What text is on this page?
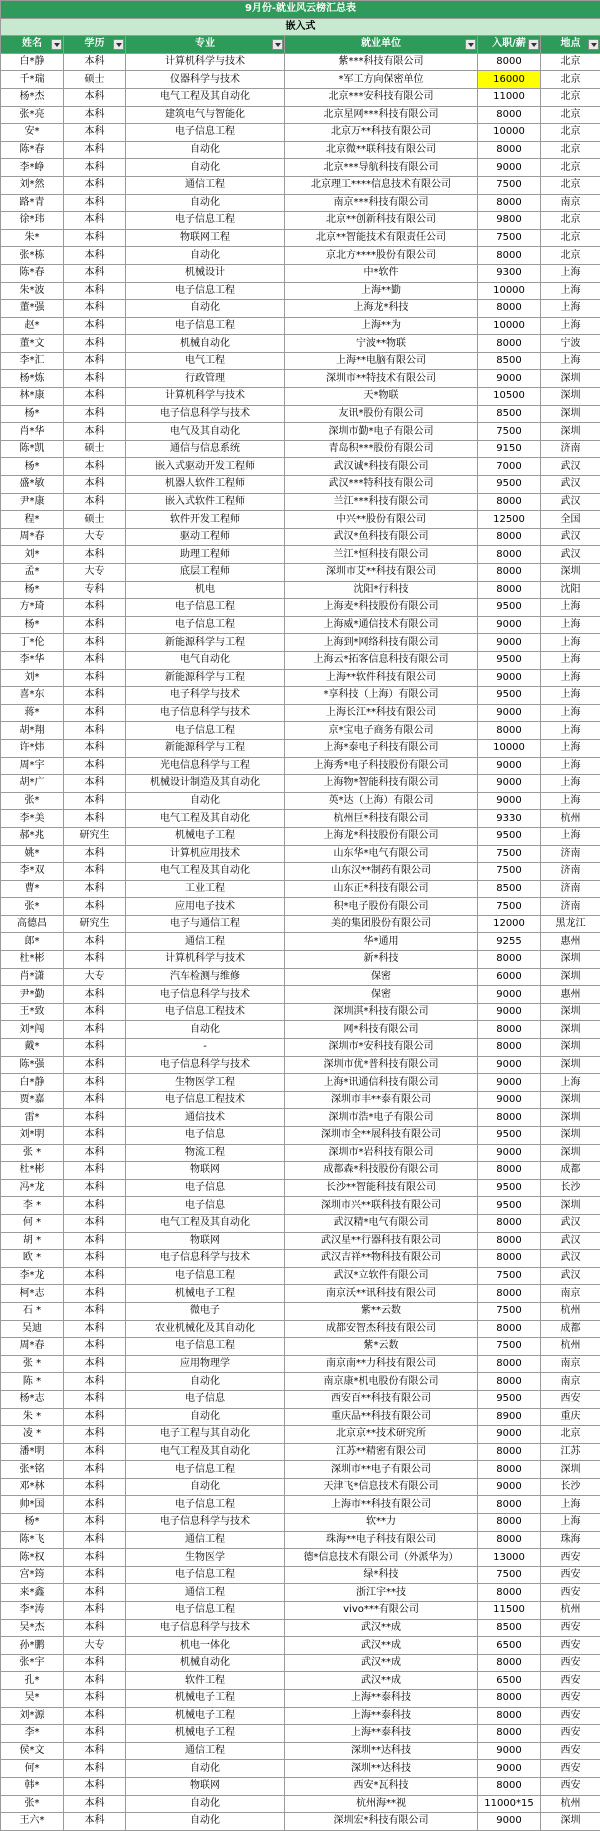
9月份-就业风云榜汇总表					
嵌入式					
姓名	学历	专业	就业单位	入职/薪	地点

白*静	本科	计算机科学与技术	紫***科技有限公司	8000	北京
千*瑞	硕士	仪器科学与技术	*军工方向保密单位	16000	北京
杨*杰	本科	电气工程及其自动化	北京***安科技有限公司	11000	北京
张*亮	本科	建筑电气与智能化	北京星网***科技有限公司	8000	北京
安*	本科	电子信息工程	北京万**科技有限公司	10000	北京
陈*春	本科	自动化	北京微**联科技有限公司	8000	北京
李*峥	本科	自动化	北京***导航科技有限公司	9000	北京
刘*然	本科	通信工程	北京理工****信息技术有限公司	7500	北京
路*青	本科	自动化	南京***科技有限公司	8000	南京
徐*玮	本科	电子信息工程	北京**创新科技有限公司	9800	北京
朱*	本科	物联网工程	北京**智能技术有限责任公司	7500	北京
张*栋	本科	自动化	京北方****股份有限公司	8000	北京
陈*春	本科	机械设计	中*软件	9300	上海
朱*波	本科	电子信息工程	上海**勤	10000	上海
董*强	本科	自动化	上海龙*科技	8000	上海
赵*	本科	电子信息工程	上海**为	10000	上海
董*文	本科	机械自动化	宁波**物联	8000	宁波
李*汇	本科	电气工程	上海**电脑有限公司	8500	上海
杨*炼	本科	行政管理	深圳市**特技术有限公司	9000	深圳
林*康	本科	计算机科学与技术	天*物联	10500	深圳
杨*	本科	电子信息科学与技术	友讯*股份有限公司	8500	深圳
肖*华	本科	电气及其自动化	深圳市勤*电子有限公司	7500	深圳
陈*凯	硕士	通信与信息系统	青岛积***股份有限公司	9150	济南
杨*	本科	嵌入式驱动开发工程师	武汉诚*科技有限公司	7000	武汉
盛*敏	本科	机器人软件工程师	武汉***特科技有限公司	9500	武汉
尹*康	本科	嵌入式软件工程师	兰江***科技有限公司	8000	武汉
程*	硕士	软件开发工程师	中兴**股份有限公司	12500	全国
周*春	大专	驱动工程师	武汉*鱼科技有限公司	8000	武汉
刘*	本科	助理工程师	兰江*恒科技有限公司	8000	武汉
孟*	大专	底层工程师	深圳市艾**科技有限公司	8000	深圳
杨*	专科	机电	沈阳*行科技	8000	沈阳
方*琦	本科	电子信息工程	上海麦*科技股份有限公司	9500	上海
杨*	本科	电子信息工程	上海威*通信技术有限公司	9000	上海
丁*伦	本科	新能源科学与工程	上海到*网络科技有限公司	9000	上海
李*华	本科	电气自动化	上海云*拓客信息科技有限公司	9500	上海
刘*	本科	新能源科学与工程	上海**软件科技有限公司	9000	上海
喜*东	本科	电子科学与技术	*享科技（上海）有限公司	9500	上海
蒋*	本科	电子信息科学与技术	上海长江**科技有限公司	9000	上海
胡*翔	本科	电子信息工程	京*宝电子商务有限公司	8000	上海
许*炜	本科	新能源科学与工程	上海*泰电子科技有限公司	10000	上海
周*宇	本科	光电信息科学与工程	上海秀*电子科技股份有限公司	9000	上海
胡*广	本科	机械设计制造及其自动化	上海物*智能科技有限公司	9000	上海
张*	本科	自动化	英*达（上海）有限公司	9000	上海
李*美	本科	电气工程及其自动化	杭州巨*科技有限公司	9330	杭州
郝*兆	研究生	机械电子工程	上海龙*科技股份有限公司	9500	上海
姚*	本科	计算机应用技术	山东华*电气有限公司	7500	济南
李*双	本科	电气工程及其自动化	山东汉**制药有限公司	7500	济南
曹*	本科	工业工程	山东正*科技有限公司	8500	济南
张*	本科	应用电子技术	积*电子股份有限公司	7500	济南
高德昌	研究生	电子与通信工程	美的集团股份有限公司	12000	黑龙江
郎*	本科	通信工程	华*通用	9255	惠州
杜*彬	本科	计算机科学与技术	新*科技	8000	深圳
肖*潇	大专	汽车检测与维修	保密	6000	深圳
尹*勤	本科	电子信息科学与技术	保密	9000	惠州
王*致	本科	电子信息工程技术	深圳淇*科技有限公司	9000	深圳
刘*闯	本科	自动化	网*科技有限公司	8000	深圳
戴*	本科	-	深圳市*安科技有限公司	8000	深圳
陈*强	本科	电子信息科学与技术	深圳市优*普科技有限公司	9000	深圳
白*静	本科	生物医学工程	上海*讯通信科技有限公司	9000	上海
贾*嘉	本科	电子信息工程技术	深圳市丰**泰有限公司	9000	深圳
雷*	本科	通信技术	深圳市浩*电子有限公司	8000	深圳
刘*明	本科	电子信息	深圳市全**展科技有限公司	9500	深圳
张 *	本科	物流工程	深圳市*岩科技有限公司	9000	深圳
杜*彬	本科	物联网	成都森*科技股份有限公司	8000	成都
冯*龙	本科	电子信息	长沙**智能科技有限公司	9500	长沙
李 *	本科	电子信息	深圳市兴**联科技有限公司	9500	深圳
何 *	本科	电气工程及其自动化	武汉精*电气有限公司	8000	武汉
胡 *	本科	物联网	武汉星**行器科技有限公司	8000	武汉
欧 *	本科	电子信息科学与技术	武汉吉祥**物科技有限公司	8000	武汉
李*龙	本科	电子信息工程	武汉*立软件有限公司	7500	武汉
柯*志	本科	机械电子工程	南京沃**讯科技有限公司	8000	南京
石 *	本科	微电子	紫**云数	7500	杭州
吴迪	本科	农业机械化及其自动化	成都安智杰科技有限公司	8000	成都
周*春	本科	电子信息工程	紫*云数	7500	杭州
张 *	本科	应用物理学	南京南**力科技有限公司	8000	南京
陈 *	本科	自动化	南京康*机电股份有限公司	8000	南京
杨*志	本科	电子信息	西安百**科技有限公司	9500	西安
朱 *	本科	自动化	重庆品**科技有限公司	8900	重庆
凌 *	本科	电子工程与其自动化	北京京**技术研究所	9000	北京
潘*明	本科	电气工程及其自动化	江苏**精密有限公司	8000	江苏
张*铭	本科	电子信息工程	深圳市**电子有限公司	8000	深圳
邓*林	本科	自动化	天津飞*信息技术有限公司	9000	长沙
帅*国	本科	电子信息工程	上海市**科技有限公司	8000	上海
杨*	本科	电子信息科学与技术	软**力	8000	上海
陈*飞	本科	通信工程	珠海**电子科技有限公司	8000	珠海
陈*权	本科	生物医学	德*信息技术有限公司（外派华为）	13000	西安
宫*筠	本科	电子信息工程	绿*科技	7500	西安
来*鑫	本科	通信工程	浙江宇**技	8000	西安
李*涛	本科	电子信息工程	vivo***有限公司	11500	杭州
吴*杰	本科	电子信息科学与技术	武汉**成	8500	西安
孙*鹏	大专	机电一体化	武汉**成	6500	西安
张*宇	本科	机械自动化	武汉**成	8000	西安
孔*	本科	软件工程	武汉**成	6500	西安
吴*	本科	机械电子工程	上海**泰科技	8000	西安
刘*源	本科	机械电子工程	上海**泰科技	8000	西安
李*	本科	机械电子工程	上海**泰科技	8000	西安
侯*文	本科	通信工程	深圳**达科技	9000	西安
何*	本科	自动化	深圳**达科技	9000	西安
韩*	本科	物联网	西安*瓦科技	8000	西安
张*	本科	自动化	杭州海**视	11000*15	杭州
王六*	本科	自动化	深圳宏*科技有限公司	9000	深圳
